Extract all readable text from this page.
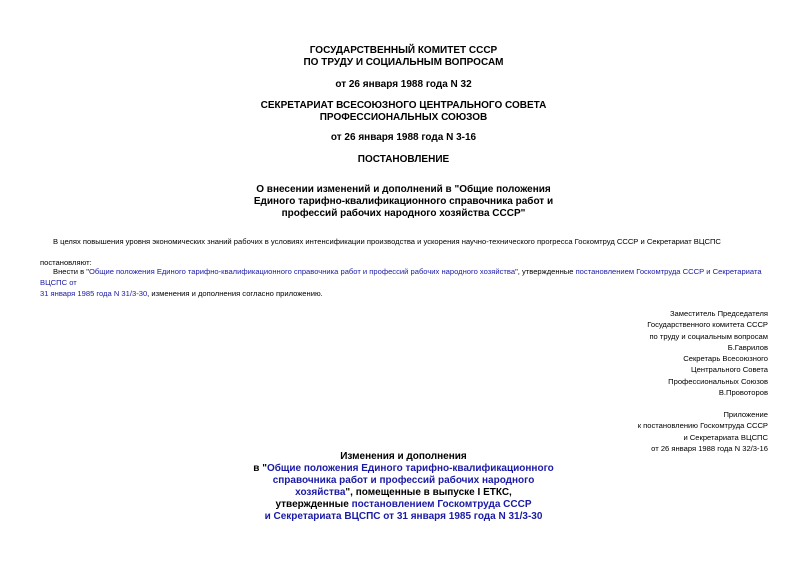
ГОСУДАРСТВЕННЫЙ КОМИТЕТ СССР
ПО ТРУДУ И СОЦИАЛЬНЫМ ВОПРОСАМ
от 26 января 1988 года N 32
СЕКРЕТАРИАТ ВСЕСОЮЗНОГО ЦЕНТРАЛЬНОГО СОВЕТА
ПРОФЕССИОНАЛЬНЫХ СОЮЗОВ
от 26 января 1988 года N 3-16
ПОСТАНОВЛЕНИЕ
О внесении изменений и дополнений в "Общие положения
Единого тарифно-квалификационного справочника работ и
профессий рабочих народного хозяйства СССР"
В целях повышения уровня экономических знаний рабочих в условиях интенсификации производства и ускорения научно-технического прогресса Госкомтруд СССР и Секретариат ВЦСПС
постановляют:
Внести в "Общие положения Единого тарифно-квалификационного справочника работ и профессий рабочих народного хозяйства", утвержденные постановлением Госкомтруда СССР и Секретариата ВЦСПС от
31 января 1985 года N 31/3-30, изменения и дополнения согласно приложению.
Заместитель Председателя
Государственного комитета СССР
по труду и социальным вопросам
Б.Гаврилов
Секретарь Всесоюзного
Центрального Совета
Профессиональных Союзов
В.Провоторов
Приложение
к постановлению Госкомтруда СССР
и Секретариата ВЦСПС
от 26 января 1988 года N 32/3-16
Изменения и дополнения
в "Общие положения Единого тарифно-квалификационного
справочника работ и профессий рабочих народного
хозяйства", помещенные в выпуске I ЕТКС,
утвержденные постановлением Госкомтруда СССР
и Секретариата ВЦСПС от 31 января 1985 года N 31/3-30
